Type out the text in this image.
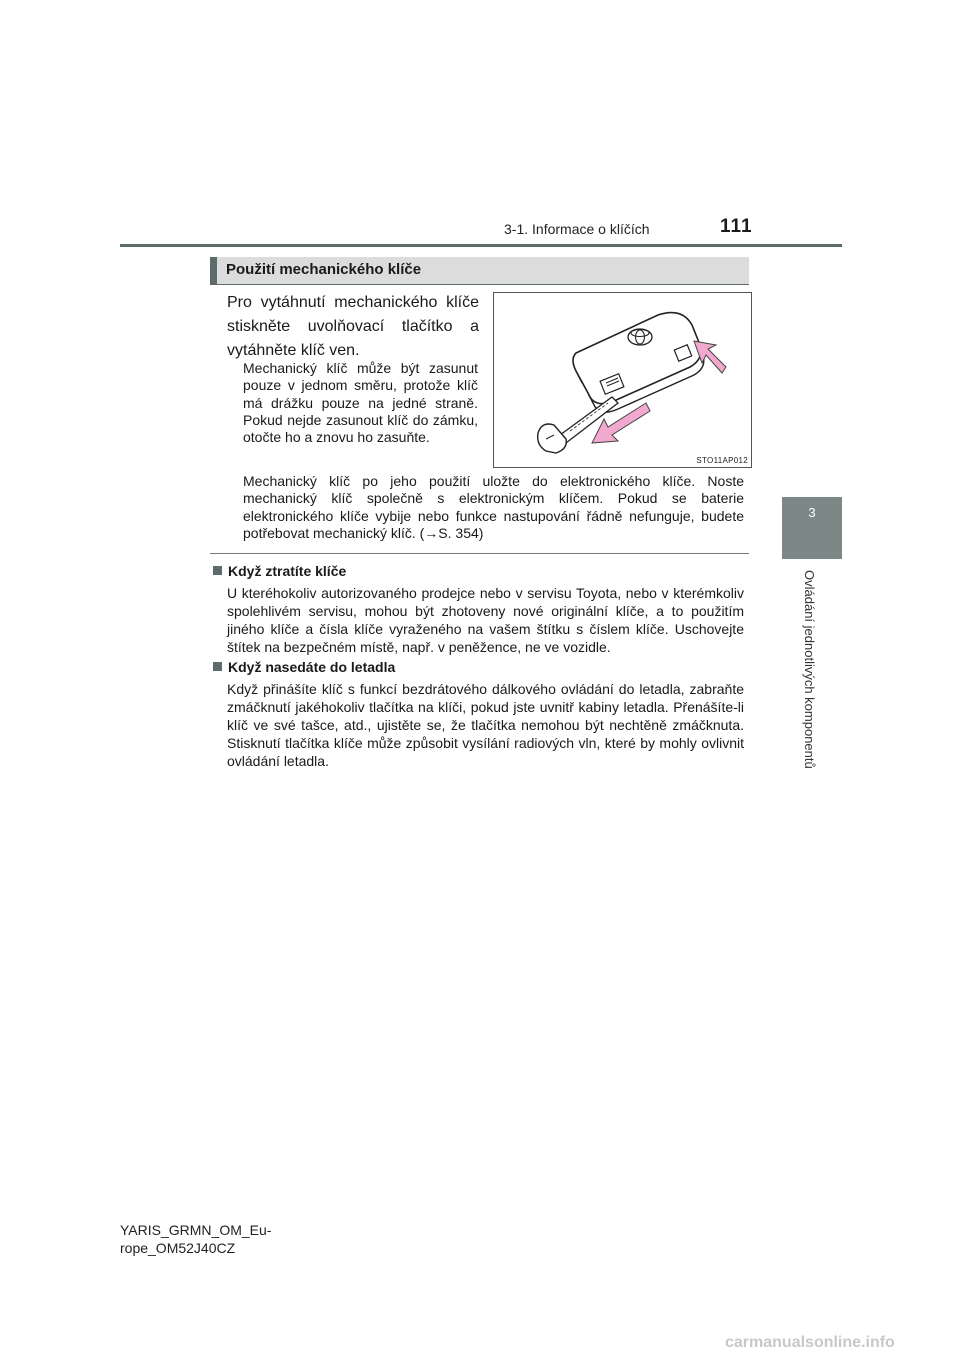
3-1. Informace o klíčích	111
3
Ovládání jednotlivých komponentů
Použití mechanického klíče
Pro vytáhnutí mechanického klíče stiskněte uvolňovací tlačítko a vytáhněte klíč ven.
Mechanický klíč může být zasunut pouze v jednom směru, protože klíč má drážku pouze na jedné straně. Pokud nejde zasunout klíč do zámku, otočte ho a znovu ho zasuňte.
Mechanický klíč po jeho použití uložte do elektronického klíče. Noste mechanický klíč společně s elektronickým klíčem. Pokud se baterie elektronického klíče vybije nebo funkce nastupování řádně nefunguje, budete potřebovat mechanický klíč. (→S. 354)
STO11AP012
Když ztratíte klíče
U kteréhokoliv autorizovaného prodejce nebo v servisu Toyota, nebo v kterémkoliv spolehlivém servisu, mohou být zhotoveny nové originální klíče, a to použitím jiného klíče a čísla klíče vyraženého na vašem štítku s číslem klíče. Uschovejte štítek na bezpečném místě, např. v peněžence, ne ve vozidle.
Když nasedáte do letadla
Když přinášíte klíč s funkcí bezdrátového dálkového ovládání do letadla, zabraňte zmáčknutí jakéhokoliv tlačítka na klíči, pokud jste uvnitř kabiny letadla. Přenášíte-li klíč ve své tašce, atd., ujistěte se, že tlačítka nemohou být nechtěně zmáčknuta. Stisknutí tlačítka klíče může způsobit vysílání radiových vln, které by mohly ovlivnit ovládání letadla.
YARIS_GRMN_OM_Eu-
rope_OM52J40CZ
carmanualsonline.info
